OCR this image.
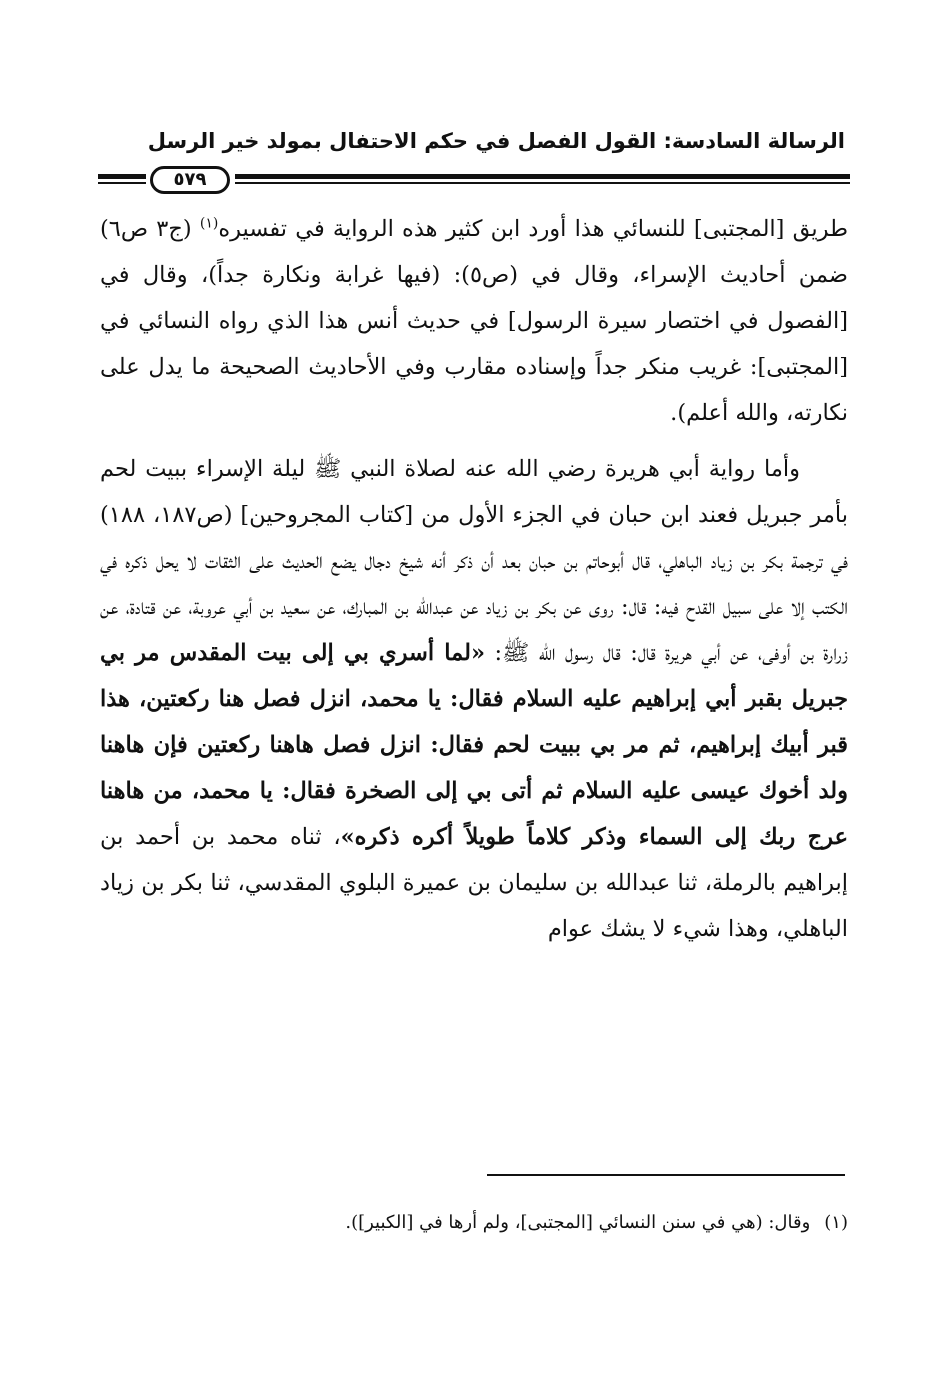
الرسالة السادسة: القول الفصل في حكم الاحتفال بمولد خير الرسل
٥٧٩

طريق [المجتبى] للنسائي هذا أورد ابن كثير هذه الرواية في تفسيره$^{(١)}$ (ج٣ ص٦) ضمن أحاديث الإسراء، وقال في (ص٥): (فيها غرابة ونكارة جداً)، وقال في [الفصول في اختصار سيرة الرسول] في حديث أنس هذا الذي رواه النسائي في [المجتبى]: غريب منكر جداً وإسناده مقارب وفي الأحاديث الصحيحة ما يدل على نكارته، والله أعلم).

وأما رواية أبي هريرة رضي الله عنه لصلاة النبي ﷺ ليلة الإسراء ببيت لحم بأمر جبريل فعند ابن حبان في الجزء الأول من [كتاب المجروحين] (ص١٨٧، ١٨٨) في ترجمة بكر بن زياد الباهلي، قال أبوحاتم بن حبان بعد أن ذكر أنه شيخ دجال يضع الحديث على الثقات لا يحل ذكره في الكتب إلا على سبيل القدح فيه: قال: روى عن بكر بن زياد عن عبدالله بن المبارك، عن سعيد بن أبي عروبة، عن قتادة، عن زرارة بن أوفى، عن أبي هريرة قال: قال رسول الله ﷺ: «لما أسري بي إلى بيت المقدس مر بي جبريل بقبر أبي إبراهيم عليه السلام فقال: يا محمد، انزل فصل هنا ركعتين، هذا قبر أبيك إبراهيم، ثم مر بي ببيت لحم فقال: انزل فصل هاهنا ركعتين فإن هاهنا ولد أخوك عيسى عليه السلام ثم أتى بي إلى الصخرة فقال: يا محمد، من هاهنا عرج ربك إلى السماء وذكر كلاماً طويلاً أكره ذكره»، ثناه محمد بن أحمد بن إبراهيم بالرملة، ثنا عبدالله بن سليمان بن عميرة البلوي المقدسي، ثنا بكر بن زياد الباهلي، وهذا شيء لا يشك عوام

(١)وقال: (هي في سنن النسائي [المجتبى]، ولم أرها في [الكبير]).
